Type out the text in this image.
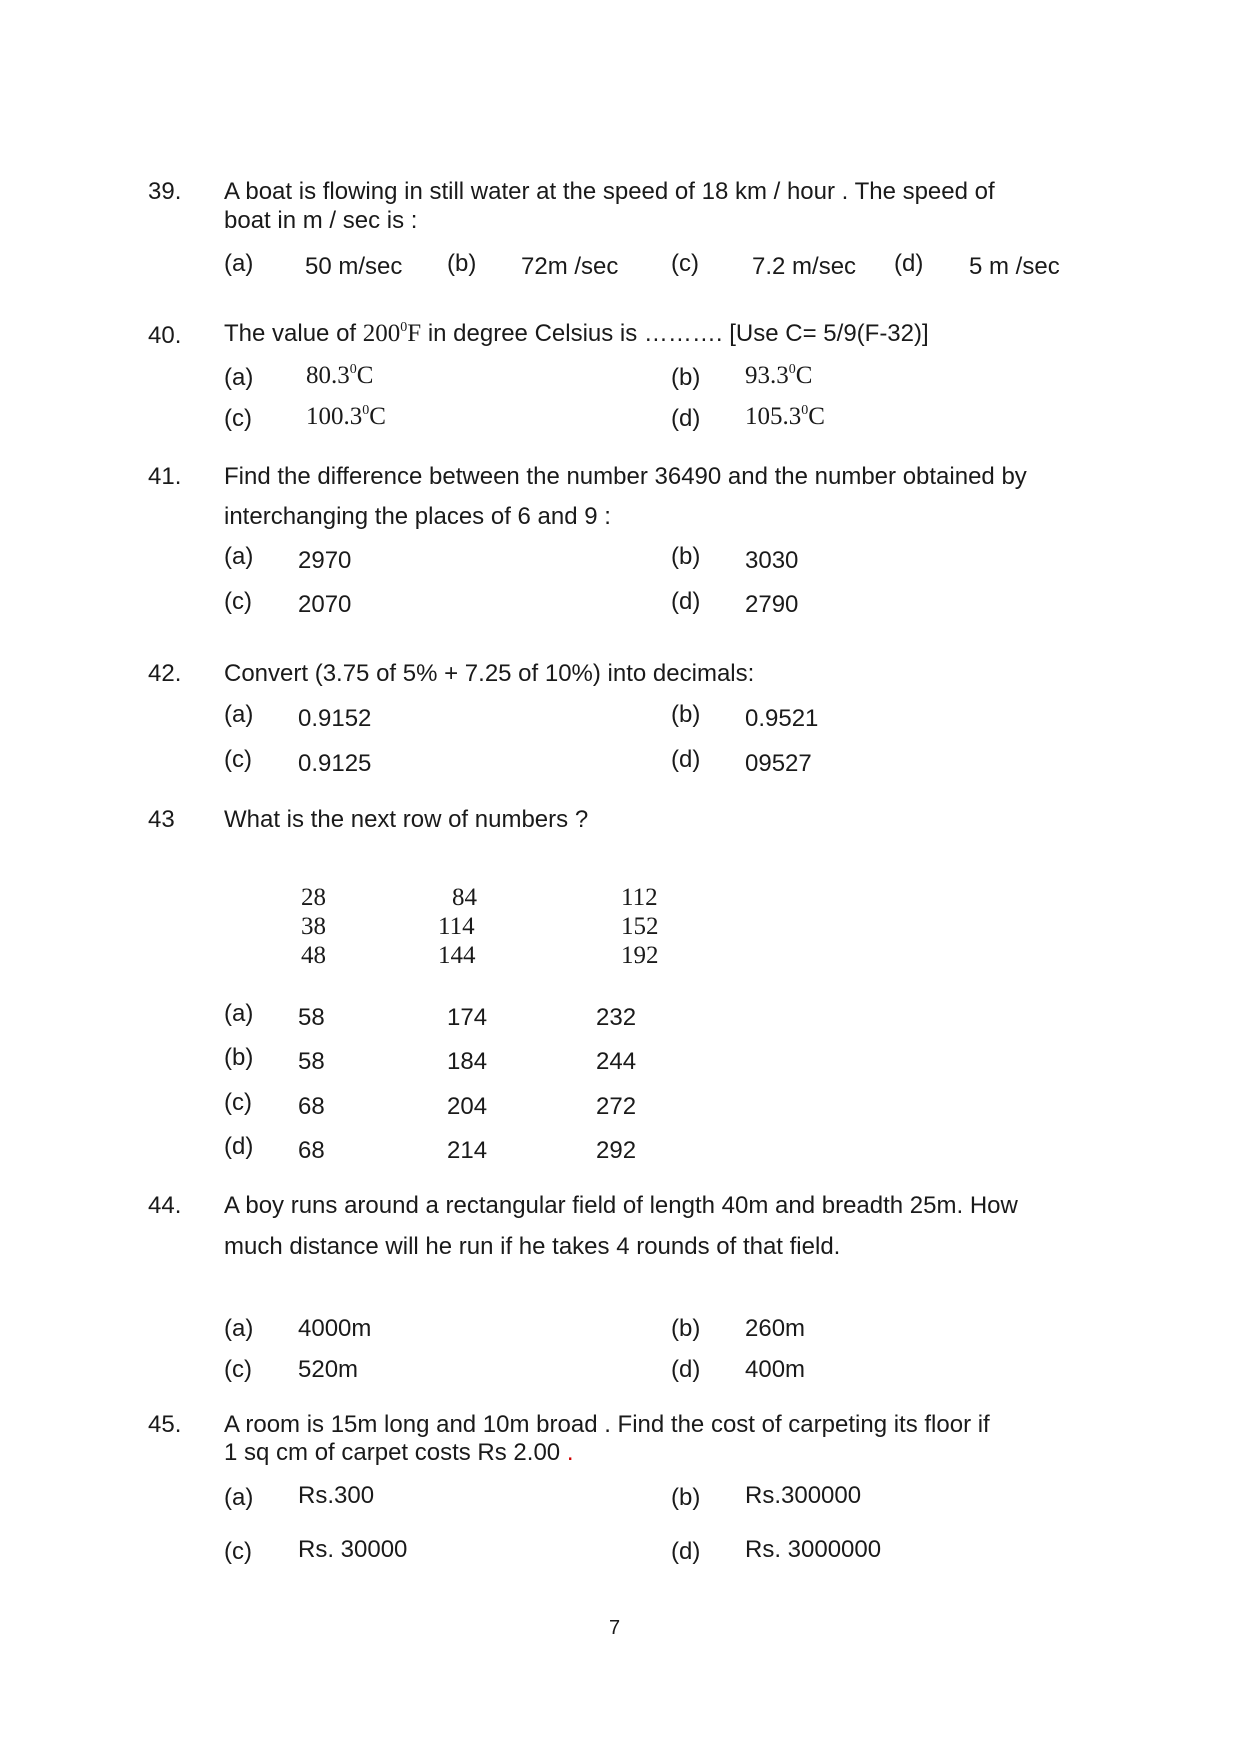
39. A boat is flowing in still water at the speed of 18 km / hour . The speed of
boat in m / sec is :
(a) 50 m/sec (b) 72m /sec (c) 7.2 m/sec (d) 5 m /sec
40. The value of $200^0F$ in degree Celsius is ………. [Use C= 5/9(F-32)]
(a) 80.3$^0$C	(b) 93.3$^0$C
(c) 100.3$^0$C	(d) 105.3$^0$C
41. Find the difference between the number 36490 and the number obtained by
interchanging the places of 6 and 9 :
(a) 2970	(b) 3030
(c) 2070	(d) 2790
42. Convert (3.75 of 5% + 7.25 of 10%) into decimals:
(a) 0.9152	(b) 0.9521
(c) 0.9125	(d) 09527
43 What is the next row of numbers ?
28	84	112
38	114	152
48	144	192
(a) 58	174	232
(b) 58	184	244
(c) 68	204	272
(d) 68	214	292
44. A boy runs around a rectangular field of length 40m and breadth 25m. How
much distance will he run if he takes 4 rounds of that field.
(a) 4000m	(b) 260m
(c) 520m	(d) 400m
45. A room is 15m long and 10m broad . Find the cost of carpeting its floor if
1 sq cm of carpet costs Rs 2.00 .
(a) Rs.300	(b) Rs.300000
(c) Rs. 30000	(d) Rs. 3000000
7
